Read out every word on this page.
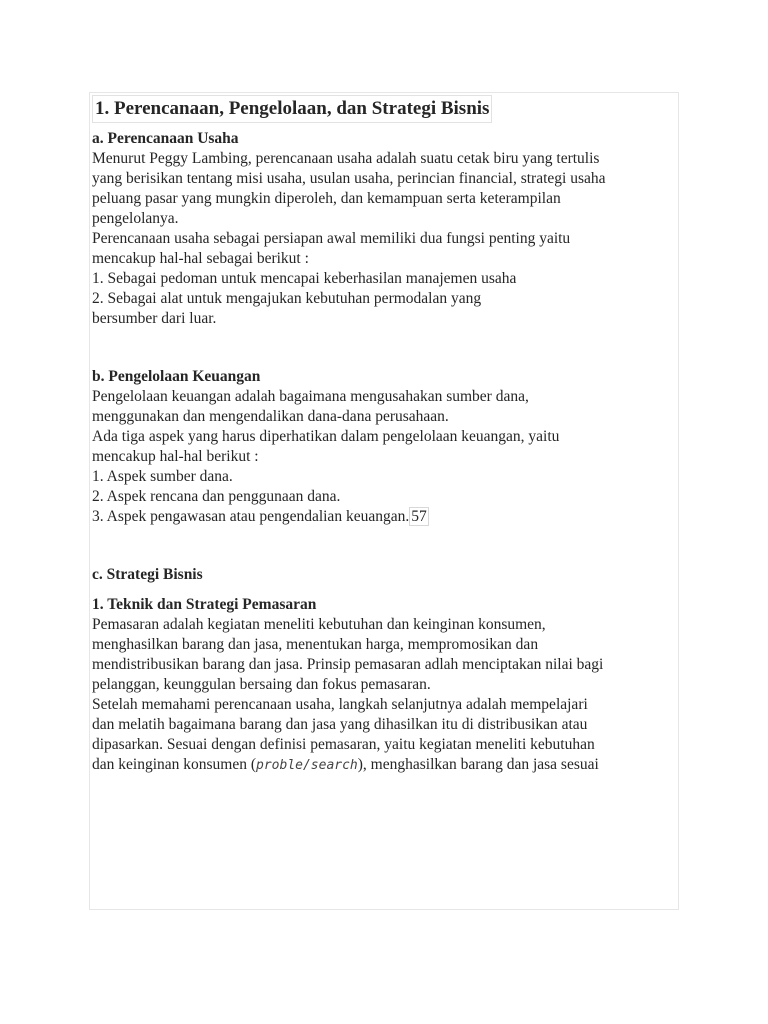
1. Perencanaan, Pengelolaan, dan Strategi Bisnis
a. Perencanaan Usaha

Menurut Peggy Lambing, perencanaan usaha adalah suatu cetak biru yang tertulis
yang berisikan tentang misi usaha, usulan usaha, perincian financial, strategi usaha
peluang pasar yang mungkin diperoleh, dan kemampuan serta keterampilan
pengelolanya.

Perencanaan usaha sebagai persiapan awal memiliki dua fungsi penting yaitu
mencakup hal-hal sebagai berikut :

1. Sebagai pedoman untuk mencapai keberhasilan manajemen usaha

2. Sebagai alat untuk mengajukan kebutuhan permodalan yang

bersumber dari luar.

b. Pengelolaan Keuangan

Pengelolaan keuangan adalah bagaimana mengusahakan sumber dana,
menggunakan dan mengendalikan dana-dana perusahaan.

Ada tiga aspek yang harus diperhatikan dalam pengelolaan keuangan, yaitu
mencakup hal-hal berikut :

1. Aspek sumber dana.

2. Aspek rencana dan penggunaan dana.

3. Aspek pengawasan atau pengendalian keuangan. 57

c. Strategi Bisnis
1. Teknik dan Strategi Pemasaran

Pemasaran adalah kegiatan meneliti kebutuhan dan keinginan konsumen,
menghasilkan barang dan jasa, menentukan harga, mempromosikan dan
mendistribusikan barang dan jasa. Prinsip pemasaran adlah menciptakan nilai bagi
pelanggan, keunggulan bersaing dan fokus pemasaran.

Setelah memahami perencanaan usaha, langkah selanjutnya adalah mempelajari
dan melatih bagaimana barang dan jasa yang dihasilkan itu di distribusikan atau
dipasarkan. Sesuai dengan definisi pemasaran, yaitu kegiatan meneliti kebutuhan
dan keinginan konsumen (proble/search), menghasilkan barang dan jasa sesuai
